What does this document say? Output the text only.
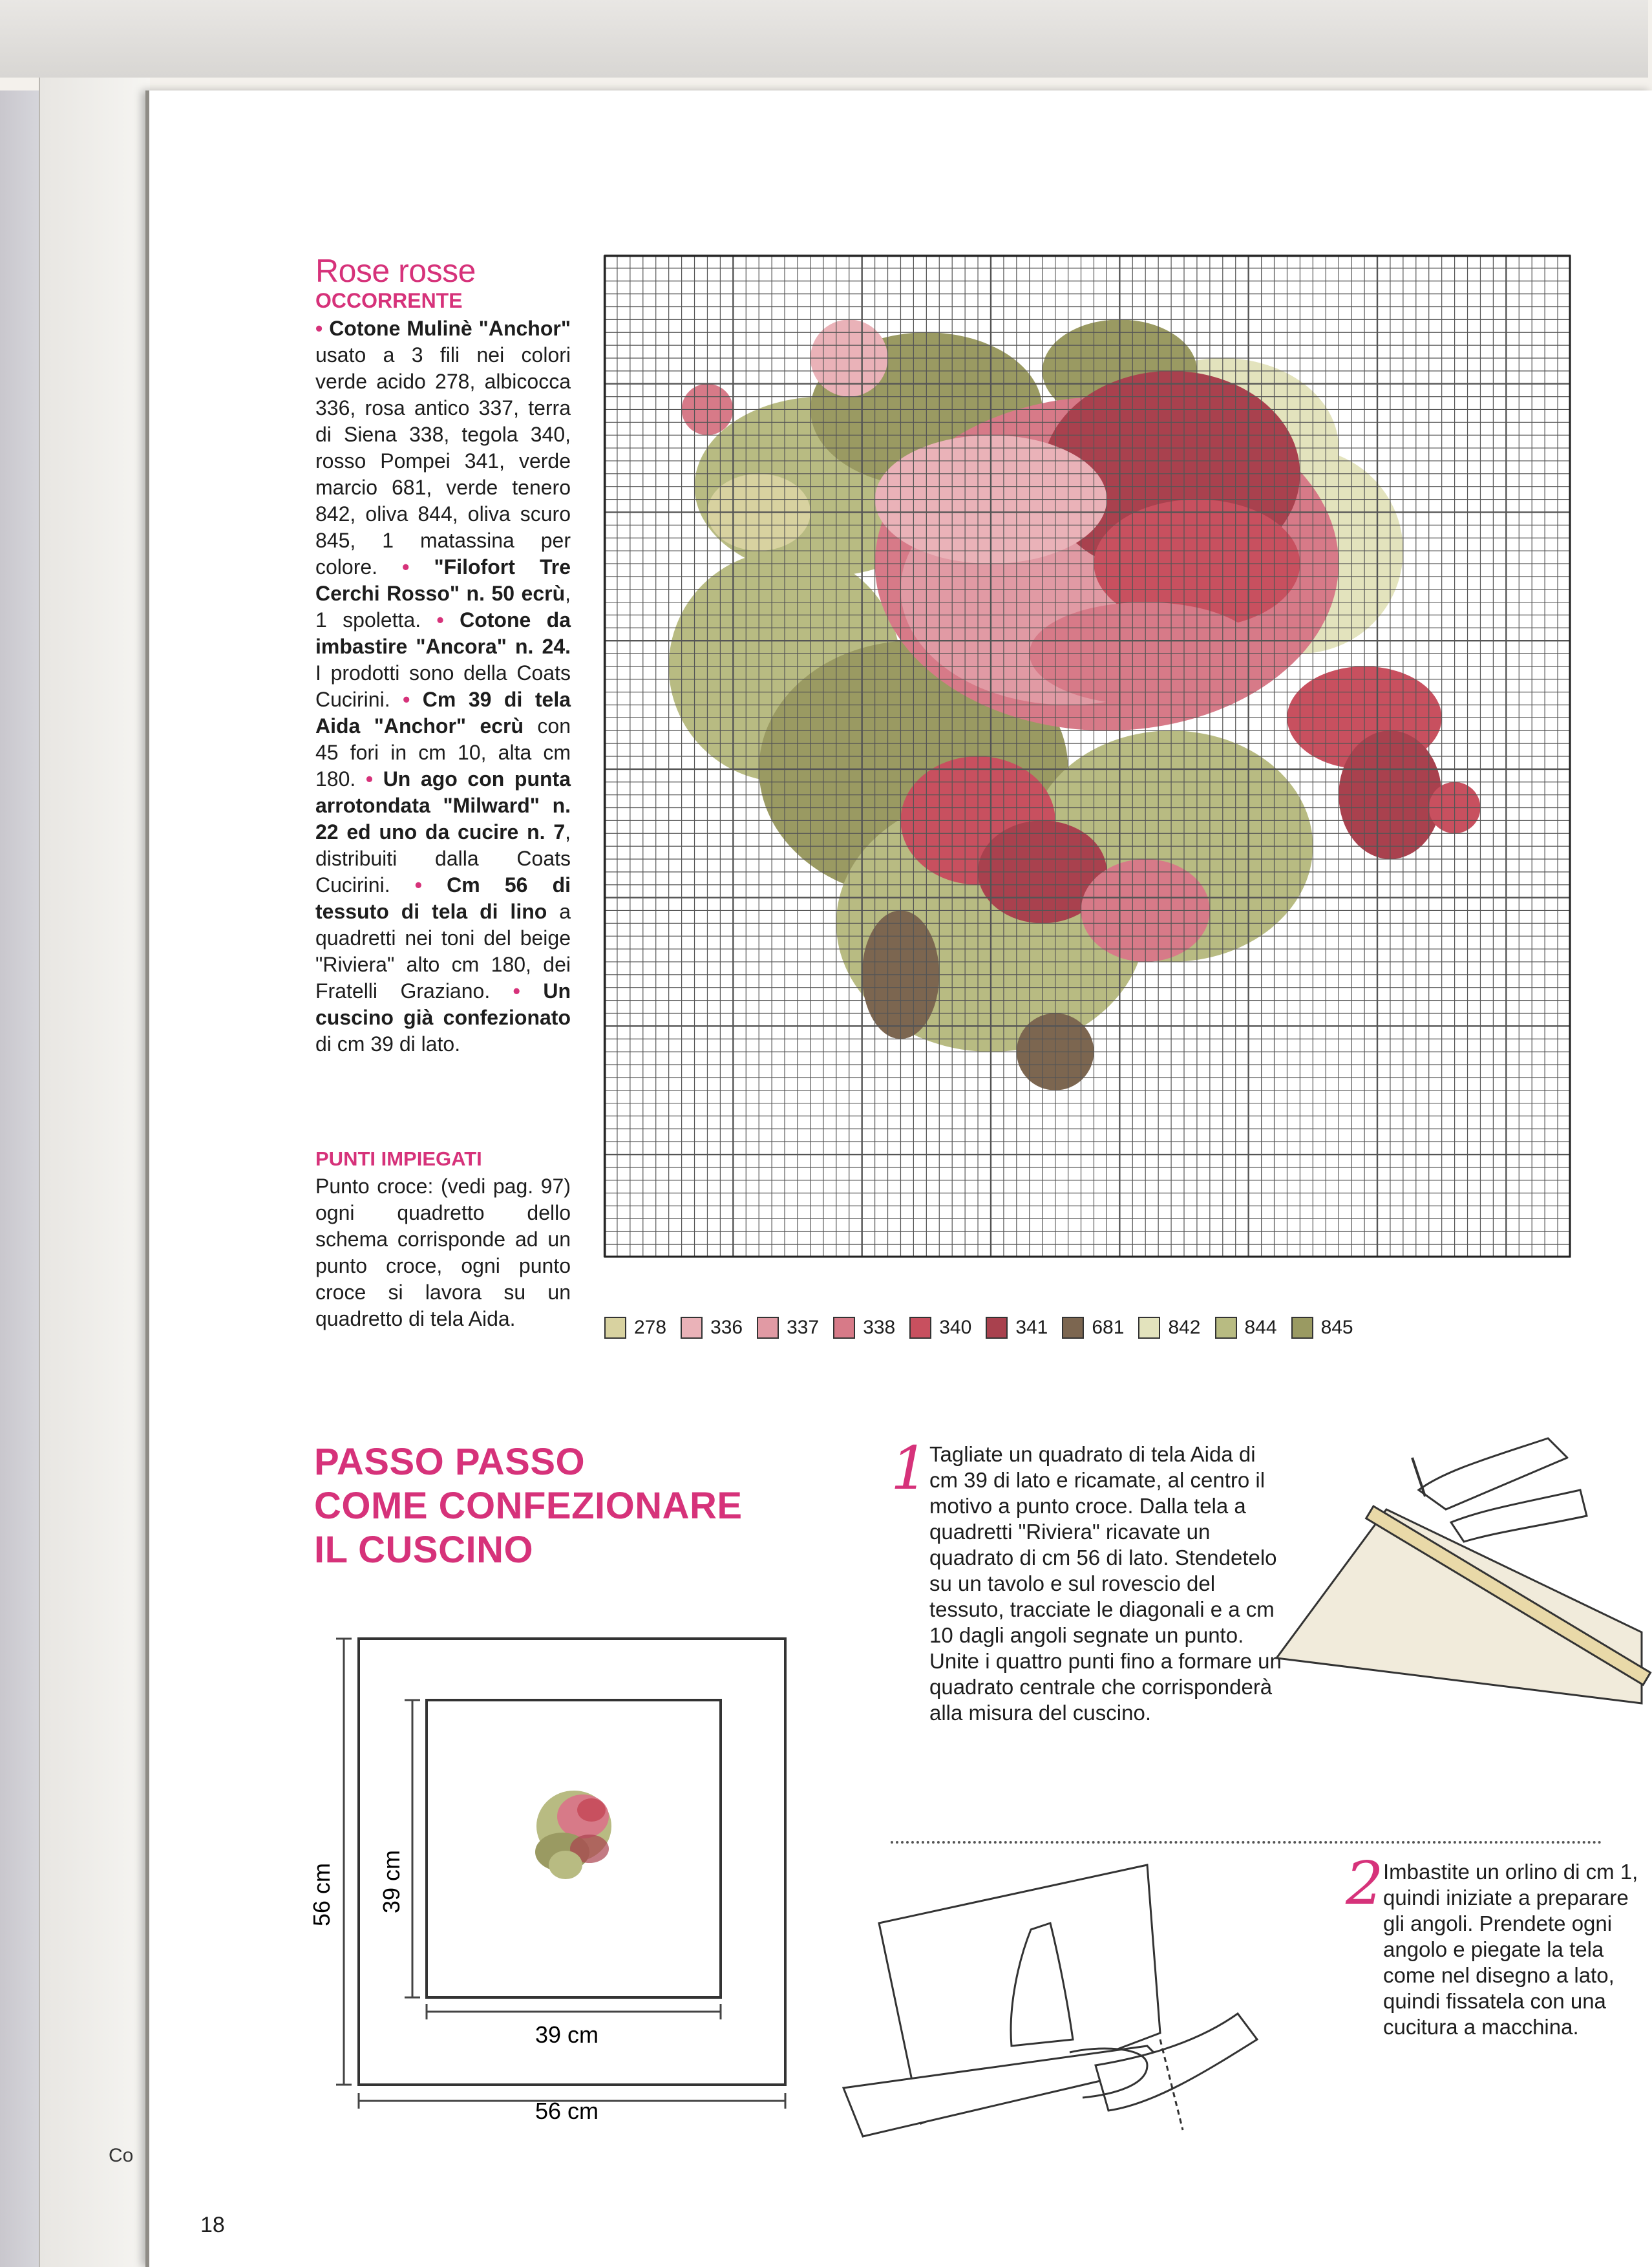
Co
Rose rosse
OCCORRENTE

• Cotone Mulinè "Anchor" usato a 3 fili nei colori verde acido 278, albicocca 336, rosa antico 337, terra di Siena 338, tegola 340, rosso Pompei 341, verde marcio 681, verde tenero 842, oliva 844, oliva scuro 845, 1 matassina per colore. • "Filofort Tre Cerchi Rosso" n. 50 ecrù, 1 spoletta. • Cotone da imbastire "Ancora" n. 24. I prodotti sono della Coats Cucirini. • Cm 39 di tela Aida "Anchor" ecrù con 45 fori in cm 10, alta cm 180. • Un ago con punta arrotondata "Milward" n. 22 ed uno da cucire n. 7, distribuiti dalla Coats Cucirini. • Cm 56 di tessuto di tela di lino a quadretti nei toni del beige "Riviera" alto cm 180, dei Fratelli Graziano. • Un cuscino già confezionato di cm 39 di lato.

PUNTI IMPIEGATI

Punto croce: (vedi pag. 97) ogni quadretto dello schema corrisponde ad un punto croce, ogni punto croce si lavora su un quadretto di tela Aida.	278 336 337 338 340 341 681 842 844 845
PASSO PASSO
COME CONFEZIONARE
IL CUSCINO
1 Tagliate un quadrato di tela Aida di cm 39 di lato e ricamate, al centro il motivo a punto croce. Dalla tela a quadretti "Riviera" ricavate un quadrato di cm 56 di lato. Stendetelo su un tavolo e sul rovescio del tessuto, tracciate le diagonali e a cm 10 dagli angoli segnate un punto. Unite i quattro punti fino a formare un quadrato centrale che corrisponderà alla misura del cuscino.

2 Imbastite un orlino di cm 1, quindi iniziate a preparare gli angoli. Prendete ogni angolo e piegate la tela come nel disegno a lato, quindi fissatela con una cucitura a macchina.

56 cm 39 cm
39 cm
56 cm
18
